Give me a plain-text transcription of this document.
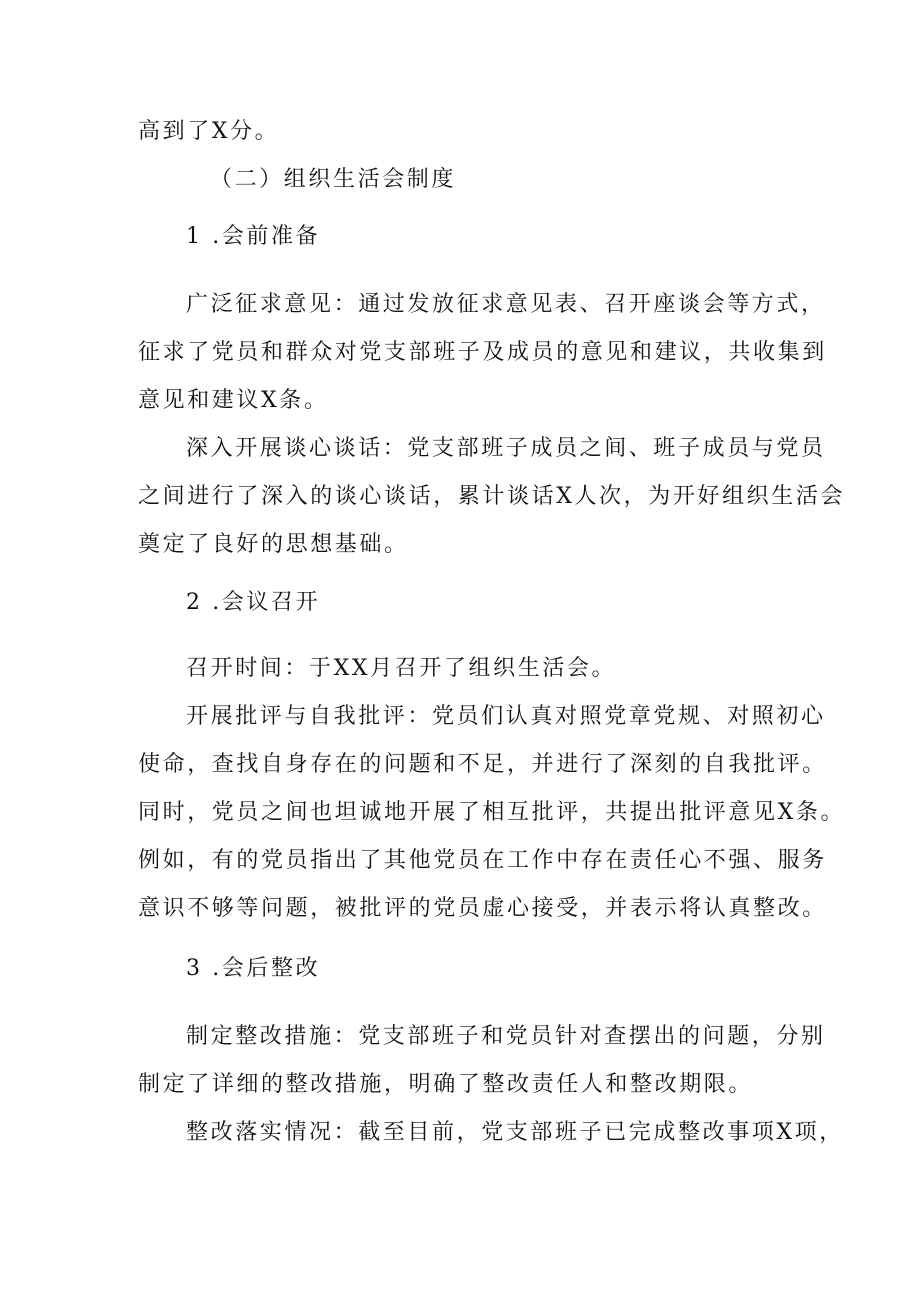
高到了X分。
（二）组织生活会制度
1 .会前准备
广泛征求意见：通过发放征求意见表、召开座谈会等方式，
征求了党员和群众对党支部班子及成员的意见和建议，共收集到
意见和建议X条。
深入开展谈心谈话：党支部班子成员之间、班子成员与党员
之间进行了深入的谈心谈话，累计谈话X人次，为开好组织生活会
奠定了良好的思想基础。
2 .会议召开
召开时间：于XX月召开了组织生活会。
开展批评与自我批评：党员们认真对照党章党规、对照初心
使命，查找自身存在的问题和不足，并进行了深刻的自我批评。
同时，党员之间也坦诚地开展了相互批评，共提出批评意见X条。
例如，有的党员指出了其他党员在工作中存在责任心不强、服务
意识不够等问题，被批评的党员虚心接受，并表示将认真整改。
3 .会后整改
制定整改措施：党支部班子和党员针对查摆出的问题，分别
制定了详细的整改措施，明确了整改责任人和整改期限。
整改落实情况：截至目前，党支部班子已完成整改事项X项，
